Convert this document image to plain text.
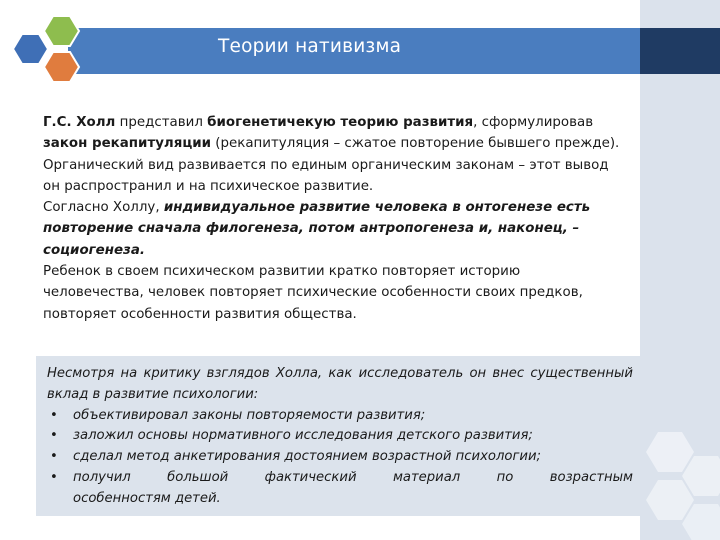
Теории нативизма

Г.С. Холл представил биогенетичекую теорию развития, сформулировав закон рекапитуляции (рекапитуляция – сжатое повторение бывшего прежде).

Органический вид развивается по единым органическим законам – этот вывод он распространил и на психическое развитие.

Согласно Холлу, индивидуальное развитие человека в онтогенезе есть повторение сначала филогенеза, потом антропогенеза и, наконец, – социогенеза.

Ребенок в своем психическом развитии кратко повторяет историю человечества, человек повторяет психические особенности своих предков, повторяет особенности развития общества.

Несмотря на критику взглядов Холла, как исследователь он внес существенный вклад в развитие психологии:

• объективировал законы повторяемости развития;
• заложил основы нормативного исследования детского развития;
• сделал метод анкетирования достоянием возрастной психологии;
• получил большой фактический материал по возрастным
особенностям детей.
